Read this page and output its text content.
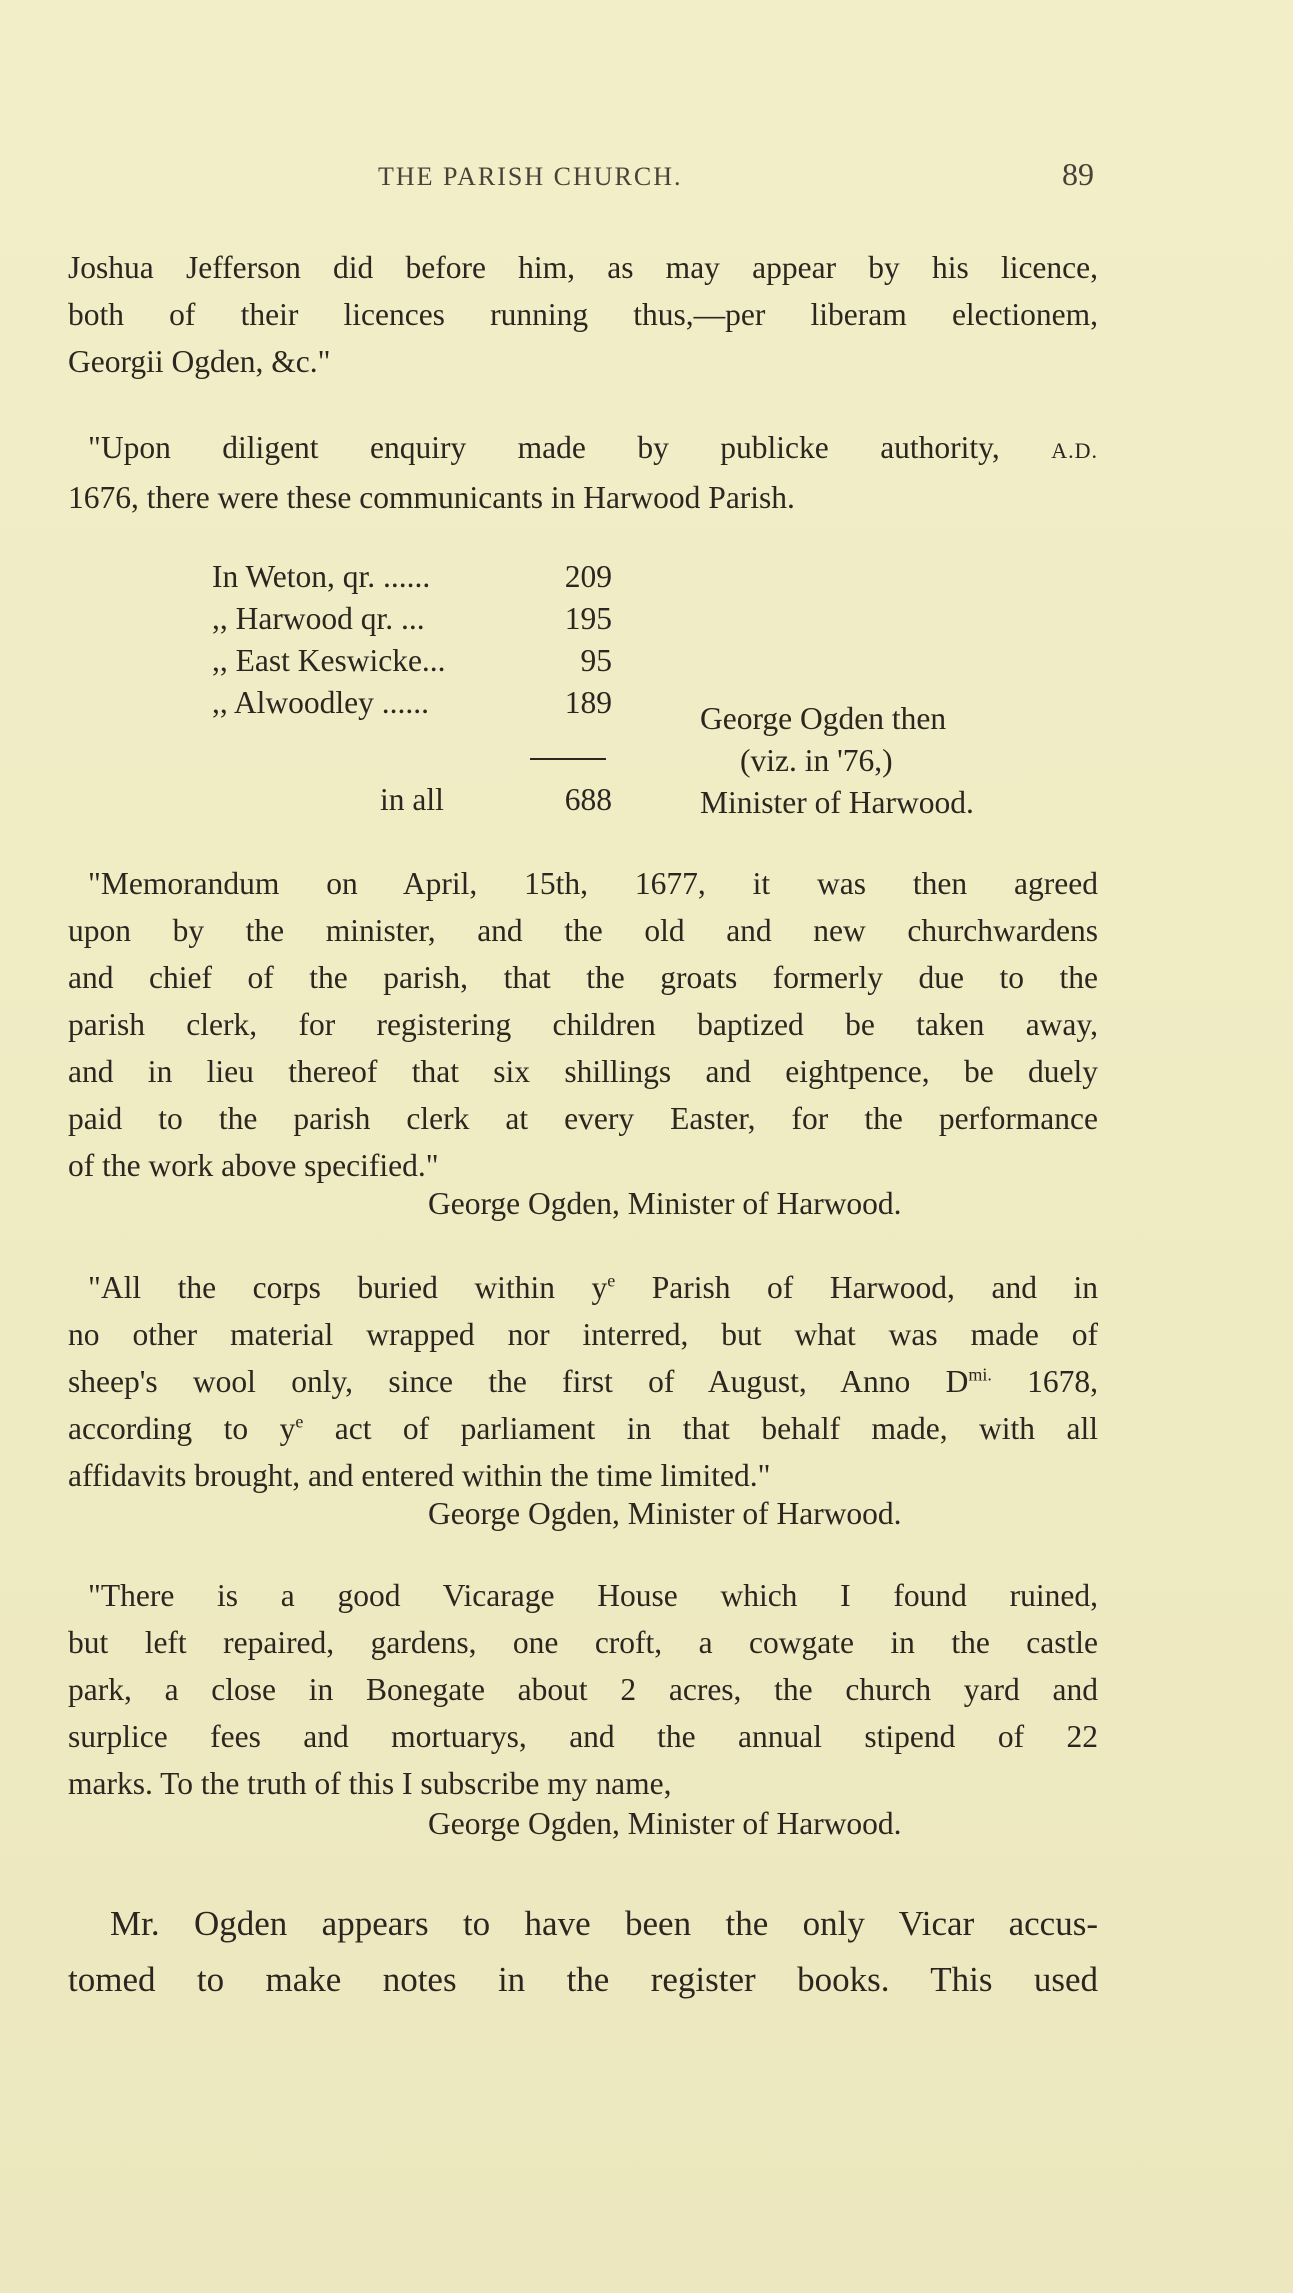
THE PARISH CHURCH.	89

Joshua Jefferson did before him, as may appear by his licence,
both of their licences running thus,—per liberam electionem,
Georgii Ogden, &c."

"Upon diligent enquiry made by publicke authority, A.D.
1676, there were these communicants in Harwood Parish.

In Weton, qr. ......	209
,, Harwood qr. ...	195
,, East Keswicke...	95
,, Alwoodley ......	189
in all	688
George Ogden then
(viz. in '76,)
Minister of Harwood.

"Memorandum on April, 15th, 1677, it was then agreed
upon by the minister, and the old and new churchwardens
and chief of the parish, that the groats formerly due to the
parish clerk, for registering children baptized be taken away,
and in lieu thereof that six shillings and eightpence, be duely
paid to the parish clerk at every Easter, for the performance
of the work above specified."

George Ogden, Minister of Harwood.

"All the corps buried within $y^e$ Parish of Harwood, and in
no other material wrapped nor interred, but what was made of
sheep's wool only, since the first of August, Anno $D^{mi.}$ 1678,
according to $y^e$ act of parliament in that behalf made, with all
affidavits brought, and entered within the time limited."

George Ogden, Minister of Harwood.

"There is a good Vicarage House which I found ruined,
but left repaired, gardens, one croft, a cowgate in the castle
park, a close in Bonegate about 2 acres, the church yard and
surplice fees and mortuarys, and the annual stipend of 22
marks. To the truth of this I subscribe my name,

George Ogden, Minister of Harwood.

Mr. Ogden appears to have been the only Vicar accus-
tomed to make notes in the register books. This used
